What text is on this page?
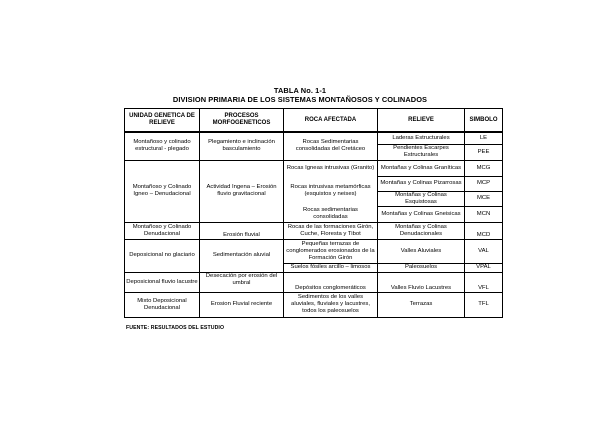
TABLA No. 1-1
DIVISION PRIMARIA DE LOS SISTEMAS MONTAÑOSOS Y COLINADOS
UNIDAD GENETICA DE RELIEVE	PROCESOS MORFOGENETICOS	ROCA AFECTADA	RELIEVE	SIMBOLO
Montañoso y colinado estructural - plegado	Plegamiento e inclinación basculamiento	Rocas Sedimentarias consolidadas del Cretáceo	Laderas Estructurales	LE
			Pendientes Escarpes Estructurales	PEE
Montañoso y Colinado Igneo – Denudacional	Actividad Ingena – Erosión fluvio gravitacional	Rocas Igneas intrusivas (Granito)	Montañas y Colinas Graníticas	MCG
		Rocas intrusivas metamórficas (esquistos y neises)	Montañas y Colinas Pizarrosas	MCP
			Montañas y Colinas Esquistosas	MCE
		Rocas sedimentarias consolidadas	Montañas y Colinas Gneisicas	MCN
Montañoso y Colinado Denudacional	Erosión fluvial	Rocas de las formaciones Girón, Cuche, Floresta y Tibot	Montañas y Colinas Denudacionales	MCD
Deposicional no glaciario	Sedimentación aluvial	Pequeñas terrazas de conglomerados erosionados de la Formación Girón	Valles Aluviales	VAL
		Suelos fósiles arcillo – limosos	Paleosuelos	VPAL
Deposicional fluvio lacustre	Desecación por erosión del umbral	Depósitos conglomeráticos	Valles Fluvio Lacustres	VFL
Mixto Deposicional Denudacional	Erosion Fluvial reciente	Sedimentos de los valles aluviales, fluviales y lacustres, todos los paleosuelos	Terrazas	TFL
FUENTE: RESULTADOS DEL ESTUDIO
